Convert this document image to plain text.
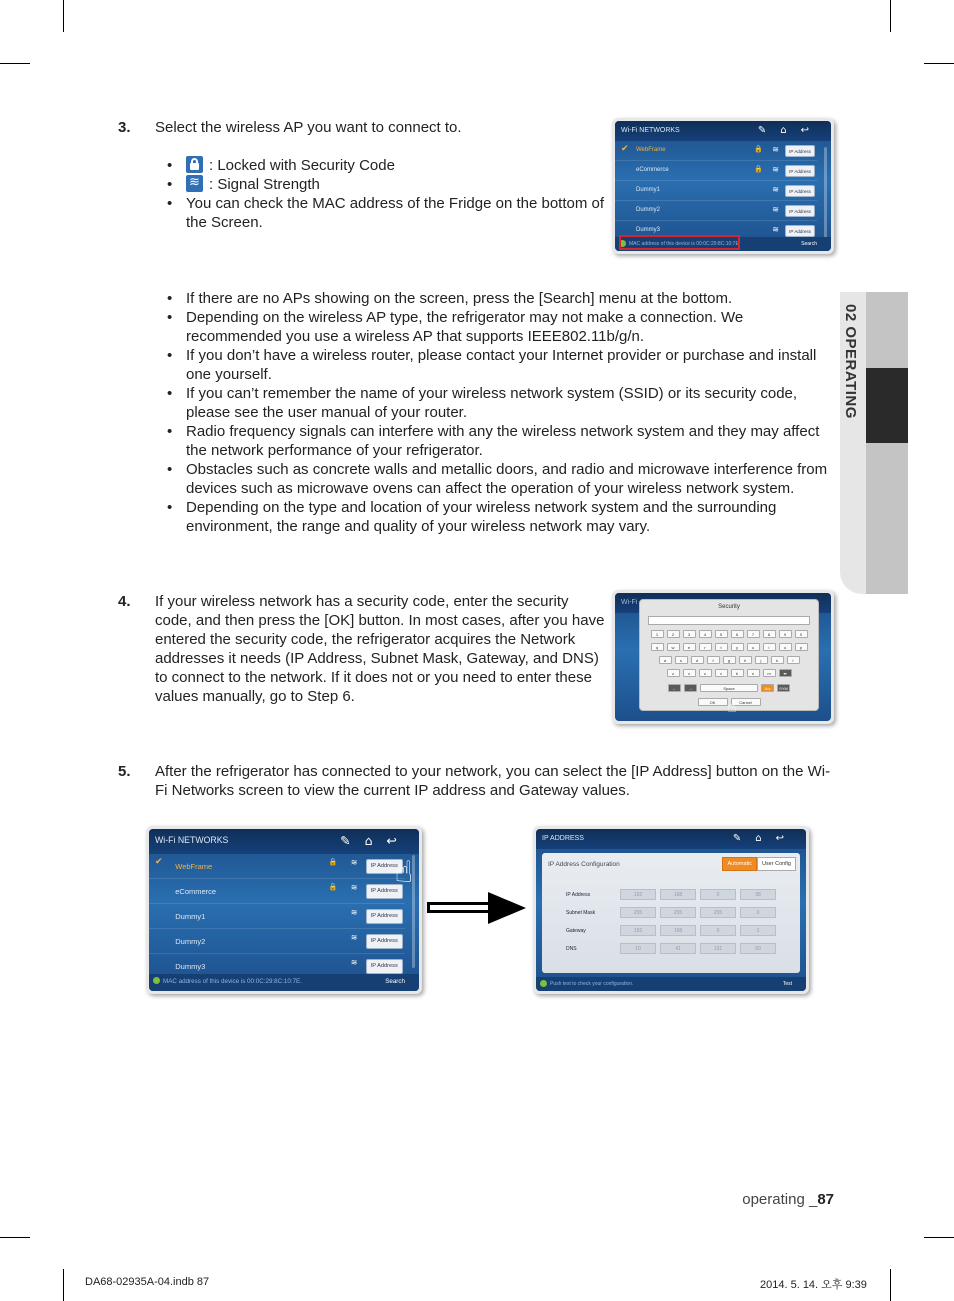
02 OPERATING
3. Select the wireless AP you want to connect to.
• : Locked with Security Code
• ≋ : Signal Strength
• You can check the MAC address of the Fridge on the bottom of the Screen.
Wi-Fi NETWORKS	✎⌂↩
✔ WebFrame	🔒 ≋	IP Address
eCommerce	🔒 ≋	IP Address
Dummy1	≋	IP Address
Dummy2	≋	IP Address
Dummy3	≋	IP Address
MAC address of this device is 00:0C:29:8C:10:7E.	Search
• If there are no APs showing on the screen, press the [Search] menu at the bottom.
• Depending on the wireless AP type, the refrigerator may not make a connection. We recommended you use a wireless AP that supports IEEE802.11b/g/n.
• If you don’t have a wireless router, please contact your Internet provider or purchase and install one yourself.
• If you can’t remember the name of your wireless network system (SSID) or its security code, please see the user manual of your router.
• Radio frequency signals can interfere with any the wireless network system and they may affect the network performance of your refrigerator.
• Obstacles such as concrete walls and metallic doors, and radio and microwave interference from devices such as microwave ovens can affect the operation of your wireless network system.
• Depending on the type and location of your wireless network system and the surrounding environment, the range and quality of your wireless network may vary.
4. If your wireless network has a security code, enter the security code, and then press the [OK] button. In most cases, after you have entered the security code, the refrigerator acquires the Network addresses it needs (IP Address, Subnet Mask, Gateway, and DNS) to connect to the network. If it does not or you need to enter these values manually, go to Step 6.
Wi-Fi
Security
1	2	3	4	5	6	7	8	9	0
q	w	e	r	t	y	u	i	o	p
a	s	d	f	g	h	j	k	l
z	x	c	v	b	n	m	⬅
←	→	Space	A/a	SYM
OK	Cancel
☝
5. After the refrigerator has connected to your network, you can select the [IP Address] button on the Wi-Fi Networks screen to view the current IP address and Gateway values.
Wi-Fi NETWORKS	✎⌂↩
✔ WebFrame	🔒 ≋	IP Address
eCommerce	🔒 ≋	IP Address
Dummy1	≋	IP Address
Dummy2	≋	IP Address
Dummy3	≋	IP Address
MAC address of this device is 00:0C:29:8C:10:7E.	Search
☝
IP ADDRESS	✎⌂↩
IP Address Configuration	Automatic	User Config
IP Address	192	168	0	38
Subnet Mask	255	255	255	0
Gateway	192	168	0	1
DNS	10	41	131	60
Push test to check your configuration.	Test
operating _87
DA68-02935A-04.indb 87	2014. 5. 14. 오후 9:39
